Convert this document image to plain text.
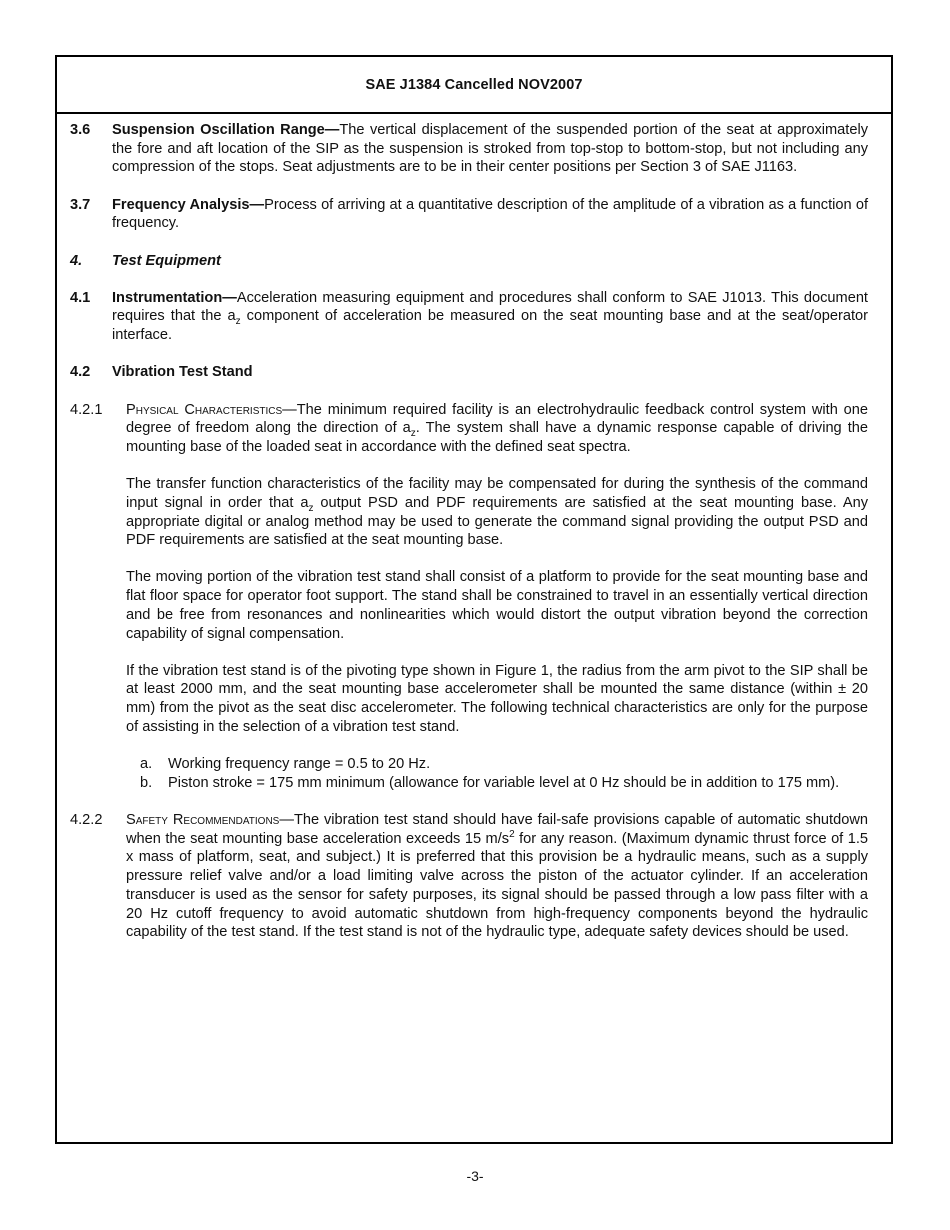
SAE J1384 Cancelled NOV2007
3.6	Suspension Oscillation Range—The vertical displacement of the suspended portion of the seat at approximately the fore and aft location of the SIP as the suspension is stroked from top-stop to bottom-stop, but not including any compression of the stops. Seat adjustments are to be in their center positions per Section 3 of SAE J1163.
3.7	Frequency Analysis—Process of arriving at a quantitative description of the amplitude of a vibration as a function of frequency.
4.	Test Equipment
4.1	Instrumentation—Acceleration measuring equipment and procedures shall conform to SAE J1013. This document requires that the $a_z$ component of acceleration be measured on the seat mounting base and at the seat/operator interface.
4.2	Vibration Test Stand
4.2.1	Physical Characteristics—The minimum required facility is an electrohydraulic feedback control system with one degree of freedom along the direction of $a_z$. The system shall have a dynamic response capable of driving the mounting base of the loaded seat in accordance with the defined seat spectra.
The transfer function characteristics of the facility may be compensated for during the synthesis of the command input signal in order that $a_z$ output PSD and PDF requirements are satisfied at the seat mounting base. Any appropriate digital or analog method may be used to generate the command signal providing the output PSD and PDF requirements are satisfied at the seat mounting base.
The moving portion of the vibration test stand shall consist of a platform to provide for the seat mounting base and flat floor space for operator foot support. The stand shall be constrained to travel in an essentially vertical direction and be free from resonances and nonlinearities which would distort the output vibration beyond the correction capability of signal compensation.
If the vibration test stand is of the pivoting type shown in Figure 1, the radius from the arm pivot to the SIP shall be at least 2000 mm, and the seat mounting base accelerometer shall be mounted the same distance (within ± 20 mm) from the pivot as the seat disc accelerometer. The following technical characteristics are only for the purpose of assisting in the selection of a vibration test stand.
a.	Working frequency range = 0.5 to 20 Hz.
b.	Piston stroke = 175 mm minimum (allowance for variable level at 0 Hz should be in addition to 175 mm).
4.2.2	Safety Recommendations—The vibration test stand should have fail-safe provisions capable of automatic shutdown when the seat mounting base acceleration exceeds 15 $m/s^2$ for any reason. (Maximum dynamic thrust force of 1.5 x mass of platform, seat, and subject.) It is preferred that this provision be a hydraulic means, such as a supply pressure relief valve and/or a load limiting valve across the piston of the actuator cylinder. If an acceleration transducer is used as the sensor for safety purposes, its signal should be passed through a low pass filter with a 20 Hz cutoff frequency to avoid automatic shutdown from high-frequency components beyond the hydraulic capability of the test stand. If the test stand is not of the hydraulic type, adequate safety devices should be used.
-3-
